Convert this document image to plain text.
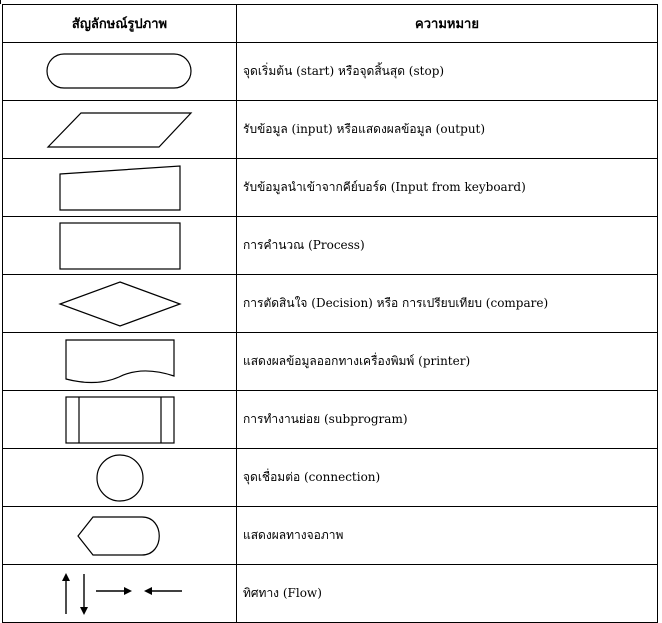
สัญลักษณ์รูปภาพ	ความหมาย

	จุดเริ่มต้น (start) หรือจุดสิ้นสุด (stop)

	รับข้อมูล (input) หรือแสดงผลข้อมูล (output)

	รับข้อมูลนำเข้าจากคีย์บอร์ด (Input from keyboard)

	การคำนวณ (Process)

	การตัดสินใจ (Decision) หรือ การเปรียบเทียบ (compare)

	แสดงผลข้อมูลออกทางเครื่องพิมพ์ (printer)

	การทำงานย่อย (subprogram)

	จุดเชื่อมต่อ (connection)

	แสดงผลทางจอภาพ

	ทิศทาง (Flow)
